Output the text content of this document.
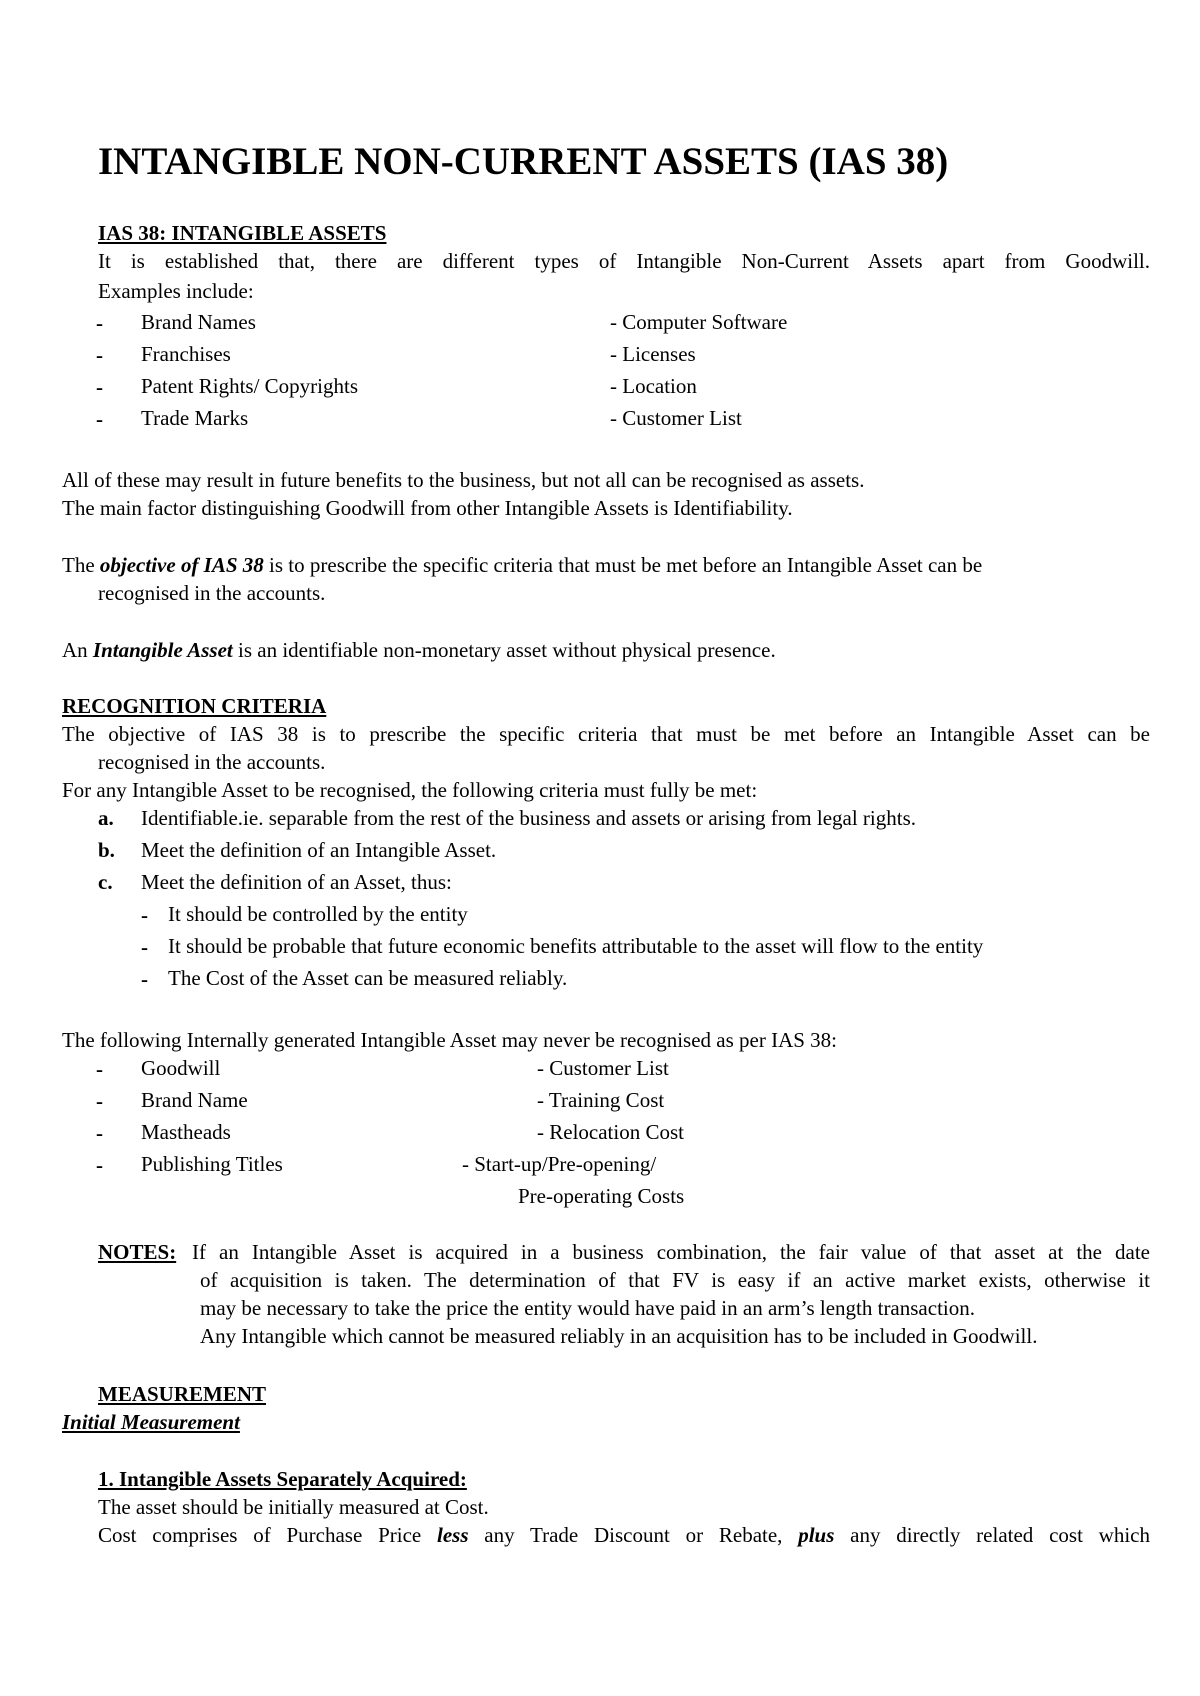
INTANGIBLE NON-CURRENT ASSETS (IAS 38)
IAS 38: INTANGIBLE ASSETS
It is established that, there are different types of Intangible Non-Current Assets apart from Goodwill.
Examples include:
- Brand Names
- Franchises
- Patent Rights/ Copyrights
- Trade Marks
- Computer Software
- Licenses
- Location
- Customer List
All of these may result in future benefits to the business, but not all can be recognised as assets.
The main factor distinguishing Goodwill from other Intangible Assets is Identifiability.
The objective of IAS 38 is to prescribe the specific criteria that must be met before an Intangible Asset can be
recognised in the accounts.
An Intangible Asset is an identifiable non-monetary asset without physical presence.
RECOGNITION CRITERIA
The objective of IAS 38 is to prescribe the specific criteria that must be met before an Intangible Asset can be
recognised in the accounts.
For any Intangible Asset to be recognised, the following criteria must fully be met:
a. Identifiable.ie. separable from the rest of the business and assets or arising from legal rights.
b. Meet the definition of an Intangible Asset.
c. Meet the definition of an Asset, thus:
- It should be controlled by the entity
- It should be probable that future economic benefits attributable to the asset will flow to the entity
- The Cost of the Asset can be measured reliably.
The following Internally generated Intangible Asset may never be recognised as per IAS 38:
- Goodwill
- Brand Name
- Mastheads
- Publishing Titles
- Customer List
- Training Cost
- Relocation Cost
- Start-up/Pre-opening/
Pre-operating Costs
NOTES: If an Intangible Asset is acquired in a business combination, the fair value of that asset at the date
of acquisition is taken. The determination of that FV is easy if an active market exists, otherwise it
may be necessary to take the price the entity would have paid in an arm’s length transaction.
Any Intangible which cannot be measured reliably in an acquisition has to be included in Goodwill.
MEASUREMENT
Initial Measurement
1. Intangible Assets Separately Acquired:
The asset should be initially measured at Cost.
Cost comprises of Purchase Price less any Trade Discount or Rebate, plus any directly related cost which
